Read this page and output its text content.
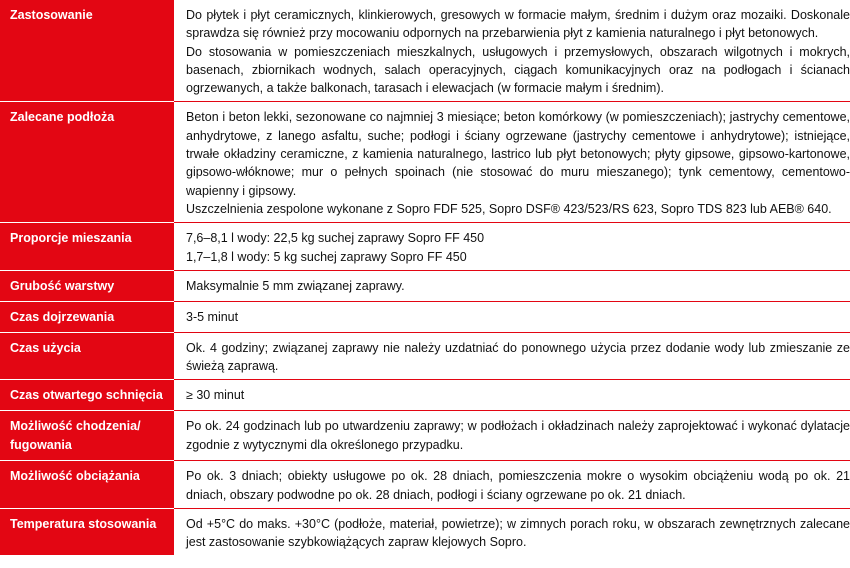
Zastosowanie	Do płytek i płyt ceramicznych, klinkierowych, gresowych w formacie małym, średnim i dużym oraz mozaiki. Doskonale sprawdza się również przy mocowaniu odpornych na przebarwienia płyt z kamienia naturalnego i płyt betonowych.

Do stosowania w pomieszczeniach mieszkalnych, usługowych i przemysłowych, obszarach wilgotnych i mokrych, basenach, zbiornikach wodnych, salach operacyjnych, ciągach komunikacyjnych oraz na podłogach i ścianach ogrzewanych, a także balkonach, tarasach i elewacjach (w formacie małym i średnim).

Zalecane podłoża	Beton i beton lekki, sezonowane co najmniej 3 miesiące; beton komórkowy (w pomieszczeniach); jastrychy cementowe, anhydrytowe, z lanego asfaltu, suche; podłogi i ściany ogrzewane (jastrychy cementowe i anhydrytowe); istniejące, trwałe okładziny ceramiczne, z kamienia naturalnego, lastrico lub płyt betonowych; płyty gipsowe, gipsowo-kartonowe, gipsowo-włóknowe; mur o pełnych spoinach (nie stosować do muru mieszanego); tynk cementowy, cementowo-wapienny i gipsowy.

Uszczelnienia zespolone wykonane z Sopro FDF 525, Sopro DSF® 423/523/RS 623, Sopro TDS 823 lub AEB® 640.

Proporcje mieszania	7,6–8,1 l wody: 22,5 kg suchej zaprawy Sopro FF 450

1,7–1,8 l wody: 5 kg suchej zaprawy Sopro FF 450

Grubość warstwy	Maksymalnie 5 mm związanej zaprawy.

Czas dojrzewania	3-5 minut

Czas użycia	Ok. 4 godziny; związanej zaprawy nie należy uzdatniać do ponownego użycia przez dodanie wody lub zmieszanie ze świeżą zaprawą.

Czas otwartego schnięcia	≥ 30 minut

Możliwość chodzenia/ fugowania	Po ok. 24 godzinach lub po utwardzeniu zaprawy; w podłożach i okładzinach należy zaprojektować i wykonać dylatacje zgodnie z wytycznymi dla określonego przypadku.

Możliwość obciążania	Po ok. 3 dniach; obiekty usługowe po ok. 28 dniach, pomieszczenia mokre o wysokim obciążeniu wodą po ok. 21 dniach, obszary podwodne po ok. 28 dniach, podłogi i ściany ogrzewane po ok. 21 dniach.

Temperatura stosowania	Od +5°C do maks. +30°C (podłoże, materiał, powietrze); w zimnych porach roku, w obszarach zewnętrznych zalecane jest zastosowanie szybkowiążących zapraw klejowych Sopro.
